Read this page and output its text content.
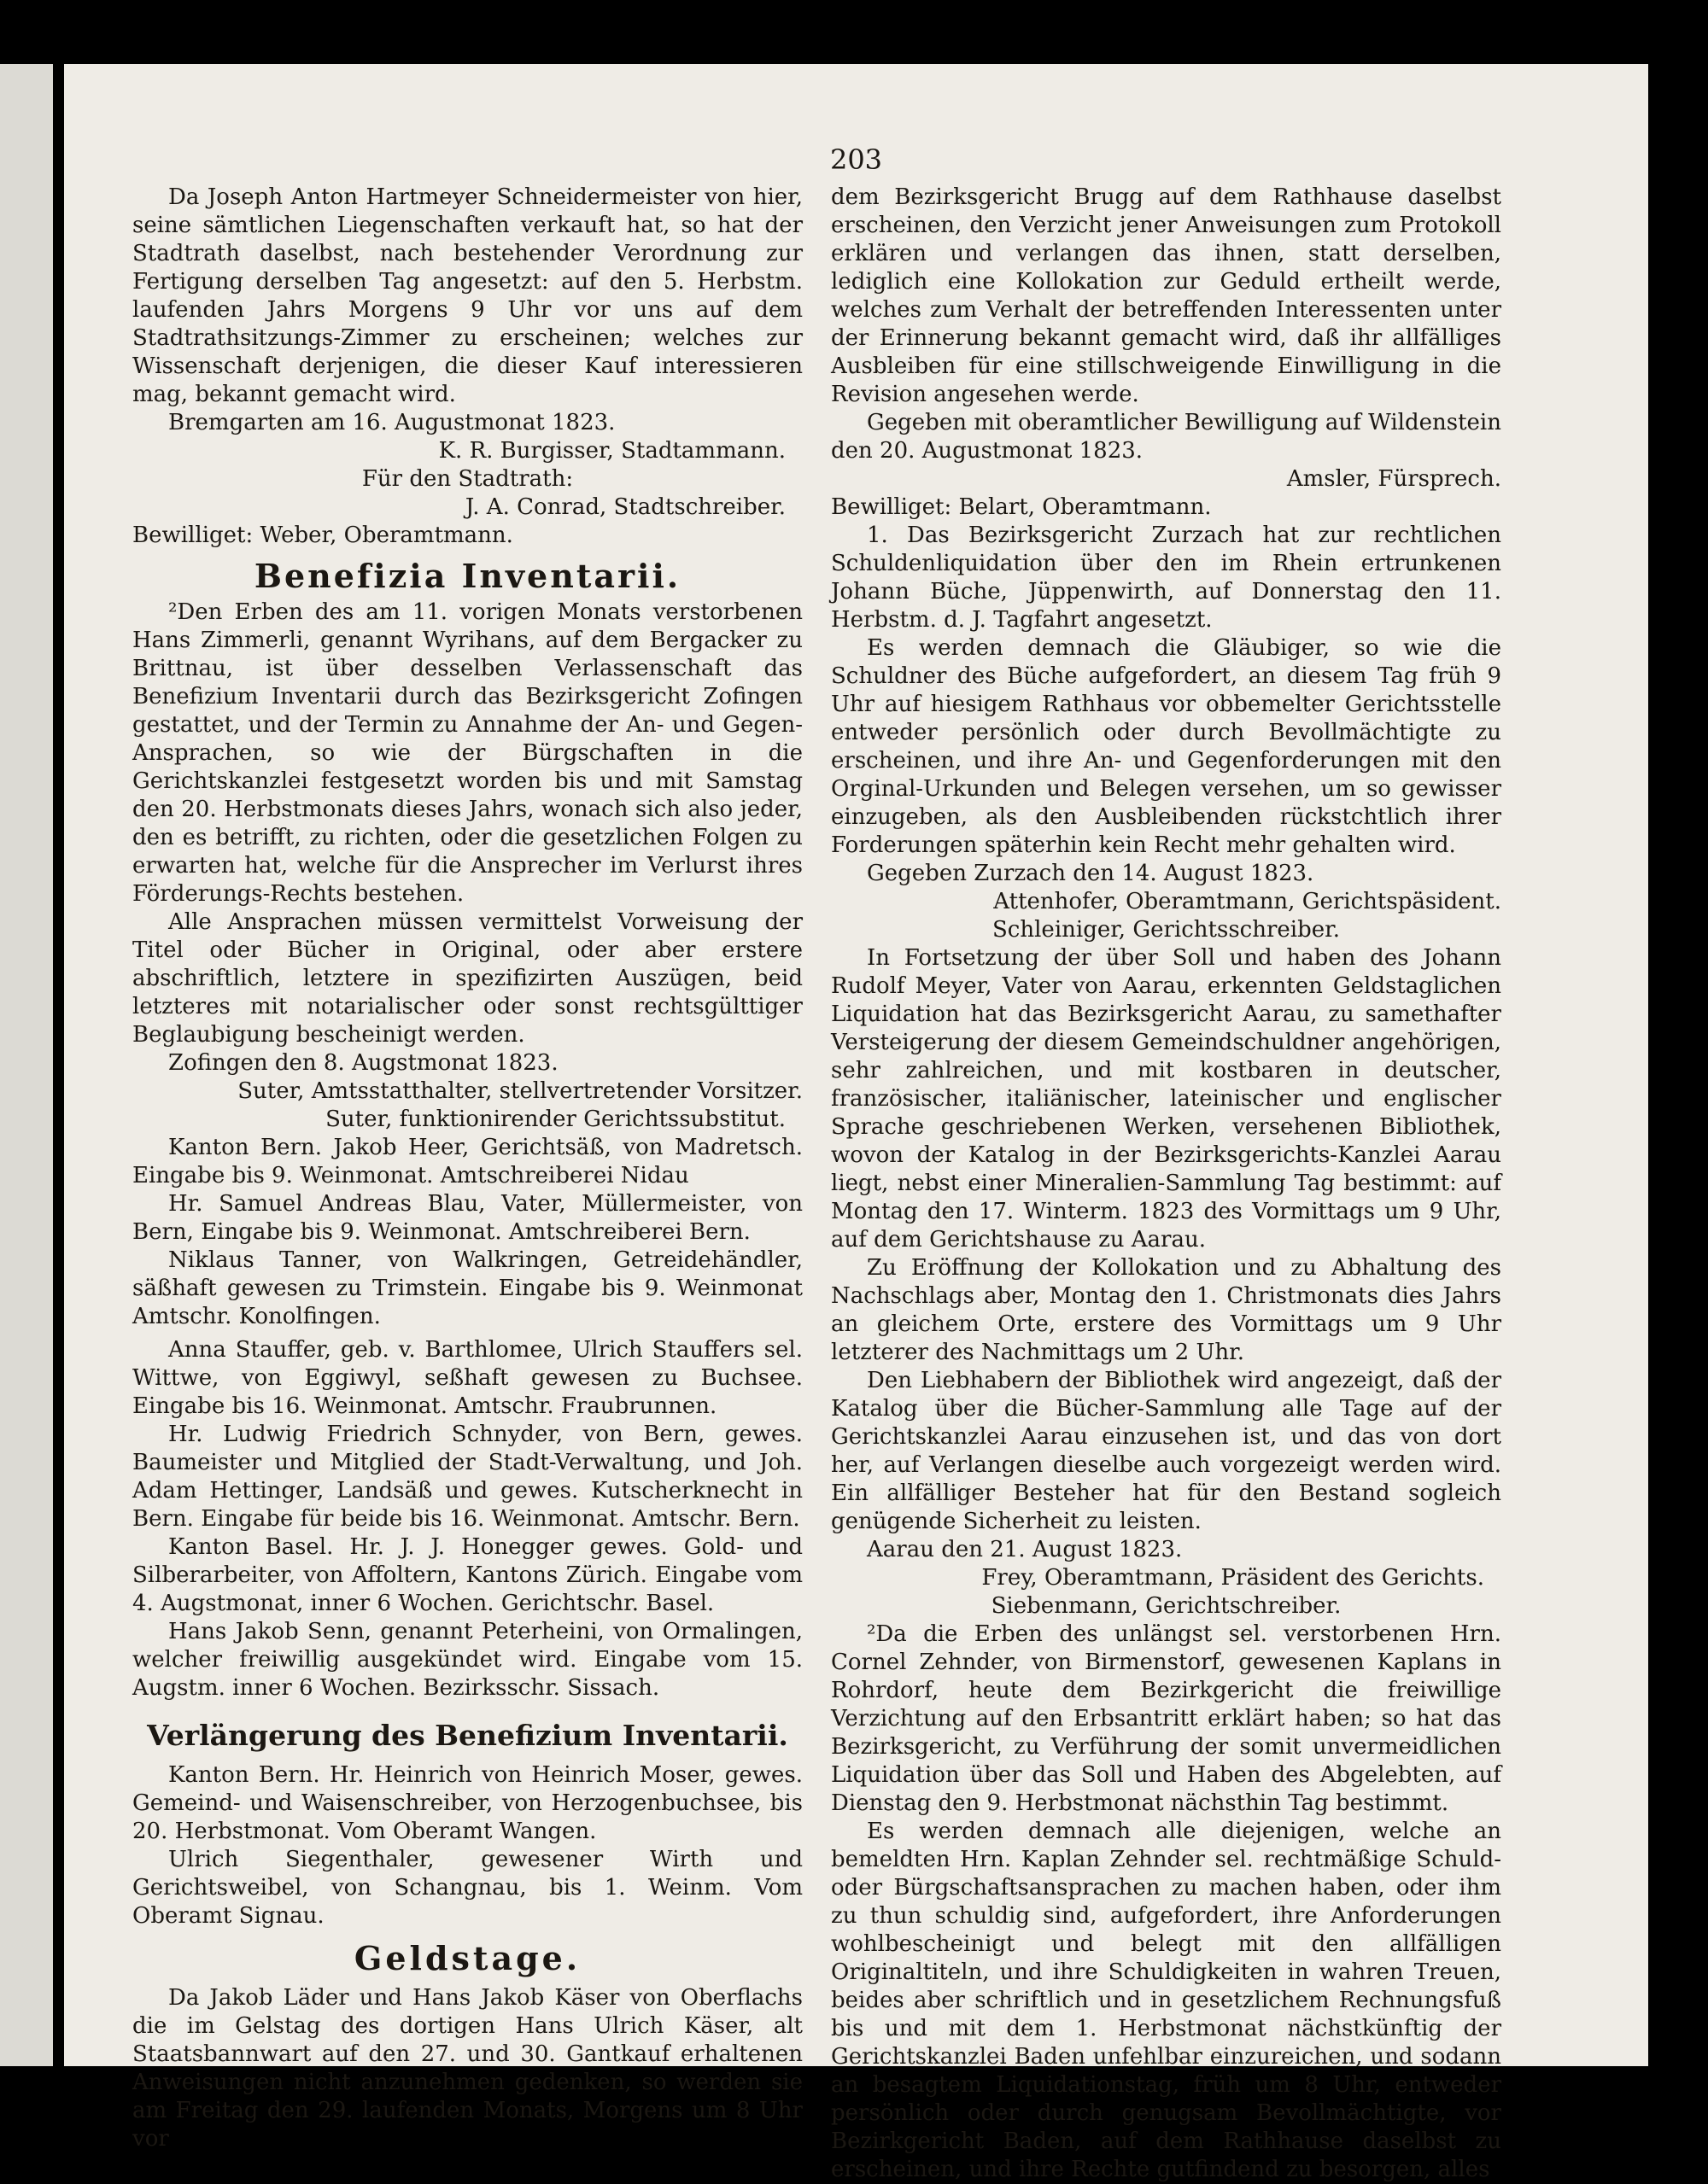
203

Da Joseph Anton Hartmeyer Schneidermeister von hier, seine sämtlichen Liegenschaften verkauft hat, so hat der Stadtrath daselbst, nach bestehender Verordnung zur Fertigung derselben Tag angesetzt: auf den 5. Herbstm. laufenden Jahrs Morgens 9 Uhr vor uns auf dem Stadtrathsitzungs-Zimmer zu erscheinen; welches zur Wissenschaft derjenigen, die dieser Kauf interessieren mag, bekannt gemacht wird.

Bremgarten am 16. Augustmonat 1823.

K. R. Burgisser, Stadtammann.

Für den Stadtrath:

J. A. Conrad, Stadtschreiber.

Bewilliget: Weber, Oberamtmann.

Benefizia Inventarii.

²Den Erben des am 11. vorigen Monats verstorbenen Hans Zimmerli, genannt Wyrihans, auf dem Bergacker zu Brittnau, ist über desselben Verlassenschaft das Benefizium Inventarii durch das Bezirksgericht Zofingen gestattet, und der Termin zu Annahme der An- und Gegen-Ansprachen, so wie der Bürgschaften in die Gerichtskanzlei festgesetzt worden bis und mit Samstag den 20. Herbstmonats dieses Jahrs, wonach sich also jeder, den es betrifft, zu richten, oder die gesetzlichen Folgen zu erwarten hat, welche für die Ansprecher im Verlurst ihres Förderungs-Rechts bestehen.

Alle Ansprachen müssen vermittelst Vorweisung der Titel oder Bücher in Original, oder aber erstere abschriftlich, letztere in spezifizirten Auszügen, beid letzteres mit notarialischer oder sonst rechtsgülttiger Beglaubigung bescheinigt werden.

Zofingen den 8. Augstmonat 1823.

Suter, Amtsstatthalter, stellvertretender Vorsitzer.

Suter, funktionirender Gerichtssubstitut.

Kanton Bern. Jakob Heer, Gerichtsäß, von Madretsch. Eingabe bis 9. Weinmonat. Amtschreiberei Nidau

Hr. Samuel Andreas Blau, Vater, Müllermeister, von Bern, Eingabe bis 9. Weinmonat. Amtschreiberei Bern.

Niklaus Tanner, von Walkringen, Getreidehändler, säßhaft gewesen zu Trimstein. Eingabe bis 9. Weinmonat Amtschr. Konolfingen.

Anna Stauffer, geb. v. Barthlomee, Ulrich Stauffers sel. Wittwe, von Eggiwyl, seßhaft gewesen zu Buchsee. Eingabe bis 16. Weinmonat. Amtschr. Fraubrunnen.

Hr. Ludwig Friedrich Schnyder, von Bern, gewes. Baumeister und Mitglied der Stadt-Verwaltung, und Joh. Adam Hettinger, Landsäß und gewes. Kutscherknecht in Bern. Eingabe für beide bis 16. Weinmonat. Amtschr. Bern.

Kanton Basel. Hr. J. J. Honegger gewes. Gold- und Silberarbeiter, von Affoltern, Kantons Zürich. Eingabe vom 4. Augstmonat, inner 6 Wochen. Gerichtschr. Basel.

Hans Jakob Senn, genannt Peterheini, von Ormalingen, welcher freiwillig ausgekündet wird. Eingabe vom 15. Augstm. inner 6 Wochen. Bezirksschr. Sissach.

Verlängerung des Benefizium Inventarii.

Kanton Bern. Hr. Heinrich von Heinrich Moser, gewes. Gemeind- und Waisenschreiber, von Herzogenbuchsee, bis 20. Herbstmonat. Vom Oberamt Wangen.

Ulrich Siegenthaler, gewesener Wirth und Gerichtsweibel, von Schangnau, bis 1. Weinm. Vom Oberamt Signau.

Geldstage.

Da Jakob Läder und Hans Jakob Käser von Oberflachs die im Gelstag des dortigen Hans Ulrich Käser, alt Staatsbannwart auf den 27. und 30. Gantkauf erhaltenen Anweisungen nicht anzunehmen gedenken, so werden sie am Freitag den 29. laufenden Monats, Morgens um 8 Uhr vor

dem Bezirksgericht Brugg auf dem Rathhause daselbst erscheinen, den Verzicht jener Anweisungen zum Protokoll erklären und verlangen das ihnen, statt derselben, lediglich eine Kollokation zur Geduld ertheilt werde, welches zum Verhalt der betreffenden Interessenten unter der Erinnerung bekannt gemacht wird, daß ihr allfälliges Ausbleiben für eine stillschweigende Einwilligung in die Revision angesehen werde.

Gegeben mit oberamtlicher Bewilligung auf Wildenstein den 20. Augustmonat 1823.

Amsler, Fürsprech.

Bewilliget: Belart, Oberamtmann.

1. Das Bezirksgericht Zurzach hat zur rechtlichen Schuldenliquidation über den im Rhein ertrunkenen Johann Büche, Jüppenwirth, auf Donnerstag den 11. Herbstm. d. J. Tagfahrt angesetzt.

Es werden demnach die Gläubiger, so wie die Schuldner des Büche aufgefordert, an diesem Tag früh 9 Uhr auf hiesigem Rathhaus vor obbemelter Gerichtsstelle entweder persönlich oder durch Bevollmächtigte zu erscheinen, und ihre An- und Gegenforderungen mit den Orginal-Urkunden und Belegen versehen, um so gewisser einzugeben, als den Ausbleibenden rückstchtlich ihrer Forderungen späterhin kein Recht mehr gehalten wird.

Gegeben Zurzach den 14. August 1823.

Attenhofer, Oberamtmann, Gerichtspäsident.

Schleiniger, Gerichtsschreiber.

In Fortsetzung der über Soll und haben des Johann Rudolf Meyer, Vater von Aarau, erkennten Geldstaglichen Liquidation hat das Bezirksgericht Aarau, zu samethafter Versteigerung der diesem Gemeindschuldner angehörigen, sehr zahlreichen, und mit kostbaren in deutscher, französischer, italiänischer, lateinischer und englischer Sprache geschriebenen Werken, versehenen Bibliothek, wovon der Katalog in der Bezirksgerichts-Kanzlei Aarau liegt, nebst einer Mineralien-Sammlung Tag bestimmt: auf Montag den 17. Winterm. 1823 des Vormittags um 9 Uhr, auf dem Gerichtshause zu Aarau.

Zu Eröffnung der Kollokation und zu Abhaltung des Nachschlags aber, Montag den 1. Christmonats dies Jahrs an gleichem Orte, erstere des Vormittags um 9 Uhr letzterer des Nachmittags um 2 Uhr.

Den Liebhabern der Bibliothek wird angezeigt, daß der Katalog über die Bücher-Sammlung alle Tage auf der Gerichtskanzlei Aarau einzusehen ist, und das von dort her, auf Verlangen dieselbe auch vorgezeigt werden wird. Ein allfälliger Besteher hat für den Bestand sogleich genügende Sicherheit zu leisten.

Aarau den 21. August 1823.

Frey, Oberamtmann, Präsident des Gerichts.

Siebenmann, Gerichtschreiber.

²Da die Erben des unlängst sel. verstorbenen Hrn. Cornel Zehnder, von Birmenstorf, gewesenen Kaplans in Rohrdorf, heute dem Bezirkgericht die freiwillige Verzichtung auf den Erbsantritt erklärt haben; so hat das Bezirksgericht, zu Verführung der somit unvermeidlichen Liquidation über das Soll und Haben des Abgelebten, auf Dienstag den 9. Herbstmonat nächsthin Tag bestimmt.

Es werden demnach alle diejenigen, welche an bemeldten Hrn. Kaplan Zehnder sel. rechtmäßige Schuld- oder Bürgschaftsansprachen zu machen haben, oder ihm zu thun schuldig sind, aufgefordert, ihre Anforderungen wohlbescheinigt und belegt mit den allfälligen Originaltiteln, und ihre Schuldigkeiten in wahren Treuen, beides aber schriftlich und in gesetzlichem Rechnungsfuß bis und mit dem 1. Herbstmonat nächstkünftig der Gerichtskanzlei Baden unfehlbar einzureichen, und sodann an besagtem Liquidationstag, früh um 8 Uhr, entweder persönlich oder durch genugsam Bevollmächtigte, vor Bezirkgericht Baden, auf dem Rathhause daselbst zu erscheinen, und ihre Rechte gutfindend zu besorgen, alles
